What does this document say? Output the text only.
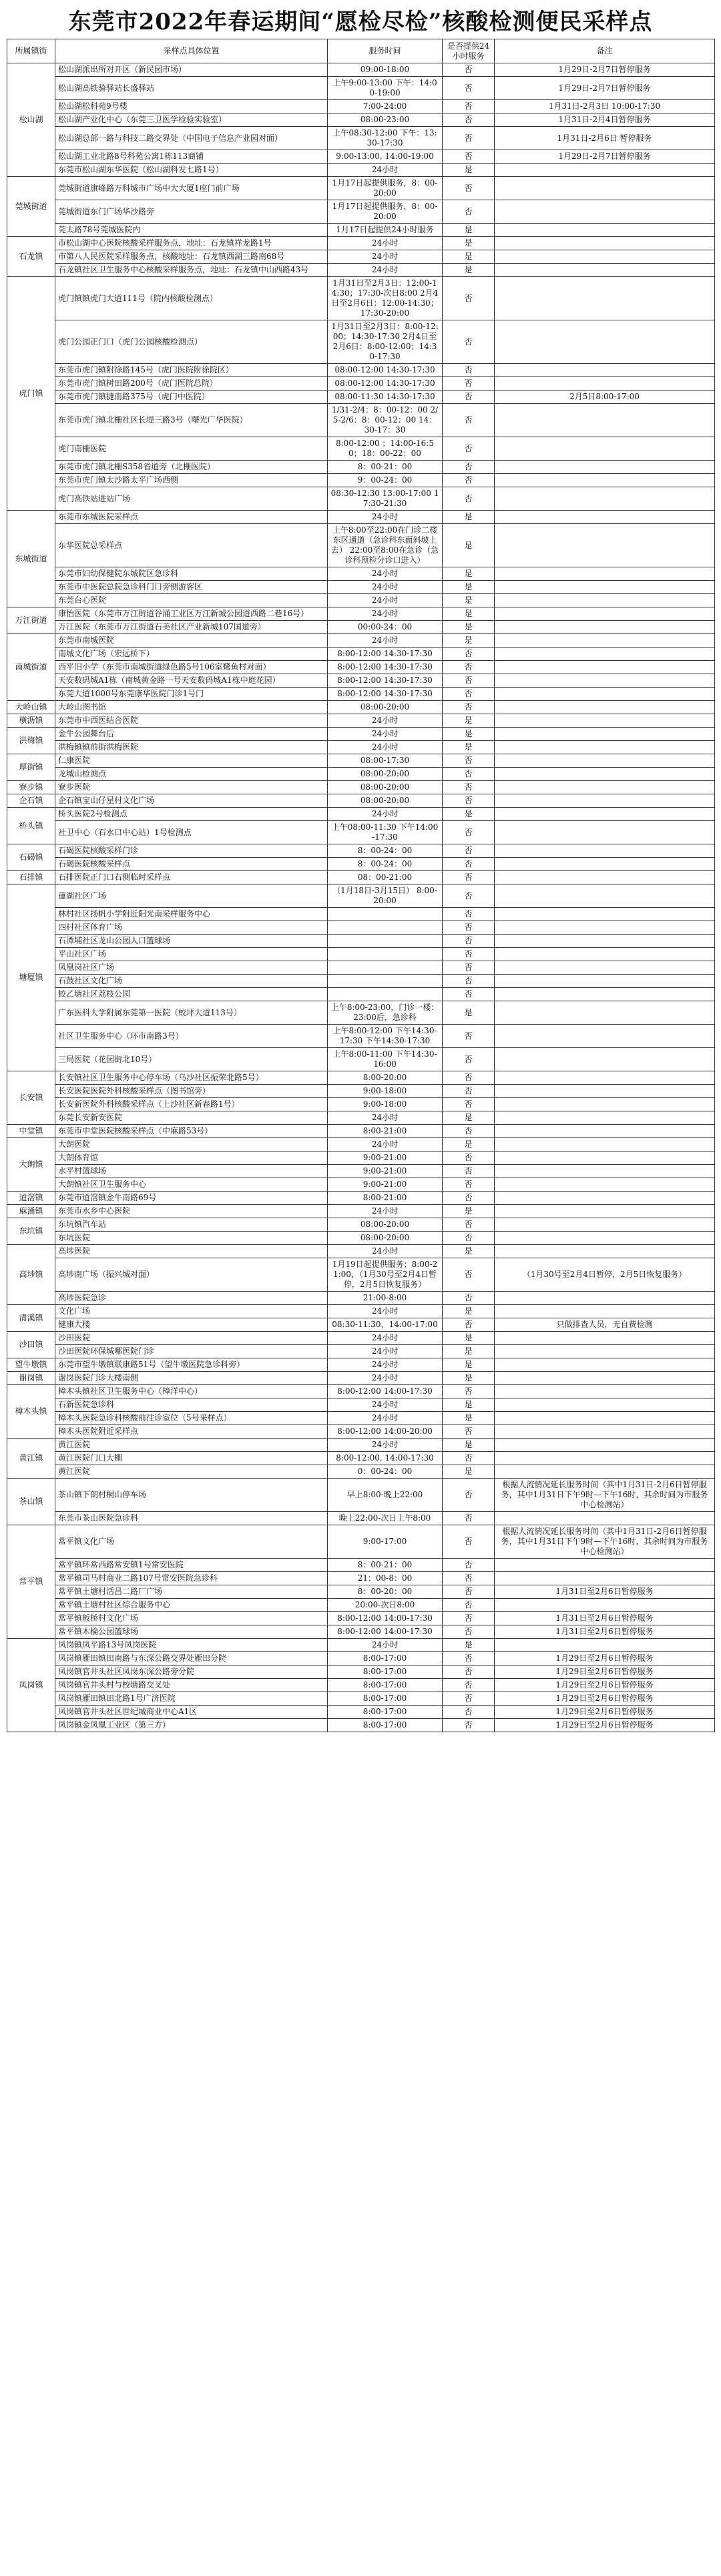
东莞市2022年春运期间“愿检尽检”核酸检测便民采样点
所属镇街	采样点具体位置	服务时间	是否提供24小时服务	备注
松山湖	松山湖派出所对开区（新民园市场）	09:00-18:00	否	1月29日-2月7日暂停服务
	松山湖高铁骑驿站长盛驿站	上午9:00-13:00 下午：14:00-19:00	否	1月29日-2月7日暂停服务
	松山湖松科苑9号楼	7:00-24:00	否	1月31日-2月3日 10:00-17:30
	松山湖产业化中心（东莞三卫医学检验实验室）	08:00-23:00	否	1月31日-2月4日暂停服务
	松山湖总部一路与科技二路交界处（中国电子信息产业园对面）	上午08:30-12:00 下午：13:30-17:30	否	1月31日-2月6日 暂停服务
	松山湖工业北路8号科苑公寓1栋113商铺	9:00-13:00, 14:00-19:00	否	1月29日-2月7日暂停服务
	东莞市松山湖东华医院（松山湖科发七路1号）	24小时	是	
莞城街道	莞城街道旗峰路万科城市广场中大大厦1座门前广场	1月17日起提供服务，8：00-20:00	否	
	莞城街道东门广场华沙路旁	1月17日起提供服务，8：00-20:00	否	
	莞太路78号莞城医院内	1月17日起提供24小时服务	是	
石龙镇	市松山湖中心医院核酸采样服务点，地址：石龙镇祥龙路1号	24小时	是	
	市第八人民医院采样服务点，核酸地址：石龙镇西湖三路南68号	24小时	是	
	石龙镇社区卫生服务中心核酸采样服务点，地址：石龙镇中山西路43号	24小时	是	
虎门镇	虎门镇镇虎门大道111号（院内核酸检测点）	1月31日至2月3日：12:00-14:30；17:30-次日8:00 2月4日至2月6日：12:00-14:30；17:30-20:00	否	
	虎门公园正门口（虎门公园核酸检测点）	1月31日至2月3日：8:00-12:00；14:30-17:30 2月4日至2月6日：8:00-12:00；14:30-17:30	否	
	东莞市虎门镇附徐路145号（虎门医院附徐院区）	08:00-12:00 14:30-17:30	否	
	东莞市虎门镇树田路200号（虎门医院总院）	08:00-12:00 14:30-17:30	否	
	东莞市虎门镇捷南路375号（虎门中医院）	08:00-11:30 14:30-17:30	否	2月5日8:00-17:00
	东莞市虎门镇北栅社区长堤三路3号（曙光广华医院）	1/31-2/4：8：00-12：00 2/5-2/6：8：00-12：00 14：30-17：30	否	
	虎门南栅医院	8:00-12:00 ；14:00-16:50；18：00-22：00	否	
	东莞市虎门镇北栅S358省道旁（北栅医院）	8：00-21：00	否	
	东莞市虎门镇太沙路太平广场西侧	9：00-24：00	否	
	虎门高铁站进站广场	08:30-12:30 13:00-17:00 17:30-21:30	否	
东城街道	东莞市东城医院采样点	24小时	是	
	东华医院总采样点	上午8:00至22:00在门诊二楼东区通道（急诊科东面斜坡上去） 22:00至8:00在急诊（急诊科预检分诊口进入）	是	
	东莞市妇幼保健院东城院区急诊科	24小时	是	
	东莞市中医院总院急诊科门口旁侧游客区	24小时	是	
	东莞台心医院	24小时	是	
万江街道	康怡医院（东莞市万江街道谷涌工业区万江新城公园道西路二巷16号）	24小时	是	
	万江医院（东莞市万江街道石美社区产业新城107国道旁）	00:00-24：00	是	
南城街道	东莞市南城医院	24小时	是	
	南城文化广场（宏远桥下）	8:00-12:00 14:30-17:30	否	
	西平旧小学（东莞市南城街道绿色路5号106室鹭鱼村对面）	8:00-12:00 14:30-17:30	否	
	天安数码城A1栋（南城黄金路一号天安数码城A1栋中庭花园）	8:00-12:00 14:30-17:30	否	
	东莞大道1000号东莞康华医院门诊1号门	8:00-12:00 14:30-17:30	否	
大岭山镇	大岭山图书馆	08:00-20:00	否	
横沥镇	东莞市中西医结合医院	24小时	是	
洪梅镇	金牛公园舞台后	24小时	是	
	洪梅镇镇前街洪梅医院	24小时	是	
厚街镇	仁康医院	08:00-17:30	否	
	龙城山检测点	08:00-20:00	否	
寮步镇	寮步医院	08:00-20:00	否	
企石镇	企石镇宝山仔星村文化广场	08:00-20:00	否	
桥头镇	桥头医院2号检测点	24小时	是	
	社卫中心（石水口中心站）1号检测点	上午08:00-11:30 下午14:00-17:30	否	
石碣镇	石碣医院核酸采样门诊	8：00-24：00	否	
	石碣医院核酸采样点	8：00-24：00	否	
石排镇	石排医院正门口右侧临时采样点	08：00-21:00	否	
塘厦镇	蓮湖社区广场	（1月18日-3月15日） 8:00-20:00	否	
	林村社区扬帆小学附近阳光南采样服务中心		否	
	四村社区体育广场		否	
	石潭埔社区龙山公园人口篮球场		否	
	平山社区广场		否	
	凤凰岗社区广场		否	
	石鼓社区文化广场		否	
	蛟乙塘社区荔枝公园		否	
	广东医科大学附属东莞第一医院（蛟坪大道113号）	上午8:00-23:00，门诊一楼：23:00后，急诊科	是	
	社区卫生服务中心（环市南路3号）	上午8:00-12:00 下午14:30-17:30 下午14:30-17:30	否	
	三局医院（花园街北10号）	上午8:00-11:00 下午14:30-16:00	否	
长安镇	长安镇社区卫生服务中心停车场（乌沙社区振荣北路5号）	8:00-20:00	否	
	长安医院医院外科核酸采样点（图书馆旁）	9:00-18:00	否	
	长安新医院外科核酸采样点（上沙社区新春路1号）	9:00-18:00	否	
	东莞长安新安医院	24小时	是	
中堂镇	东莞市中堂医院核酸采样点（中麻路53号）	8:00-21:00	否	
大朗镇	大朗医院	24小时	是	
	大朗体育馆	9:00-21:00	否	
	水平村篮球场	9:00-21:00	否	
	大朗镇社区卫生服务中心	9:00-21:00	否	
道滘镇	东莞市道滘镇金牛南路69号	8:00-21:00	否	
麻涌镇	东莞市水乡中心医院	24小时	是	
东坑镇	东坑镇汽车站	08:00-20:00	否	
	东坑医院	08:00-20:00	否	
高埗镇	高埗医院	24小时	是	
	高埗南广场（振兴城对面）	1月19日起提供服务；8:00-21:00，（1月30号至2月4日暂停，2月5日恢复服务）	否	（1月30号至2月4日暂停，2月5日恢复服务）
	高埗医院急诊	21:00-8:00	否	
清溪镇	文化广场	24小时	是	
	健康大楼	08:30-11:30，14:00-17:00	否	只做排查人员，无自费检测
沙田镇	沙田医院	24小时	是	
	沙田医院环保城哪医院门诊	24小时	是	
望牛墩镇	东莞市望牛墩镇联康路51号（望牛墩医院急诊科旁）	24小时	是	
谢岗镇	谢岗医院门诊大楼南侧	24小时	是	
樟木头镇	樟木头镇社区卫生服务中心（樟洋中心）	8:00-12:00 14:00-17:30	否	
	石新医院急诊科	24小时	是	
	樟木头医院急诊科核酸前往诊室位（5号采样点）	24小时	是	
	樟木头医院附近采样点	8:00-12:00 14:00-20:00	否	
黄江镇	黄江医院	24小时	是	
	黄江医院门口大棚	8:00-12:00, 14:00-17:30	否	
	黄江医院	0：00-24：00	是	
茶山镇	茶山镇下朗村桐山停车场	早上8:00-晚上22:00	否	根据人流情况延长服务时间（其中1月31日-2月6日暂停服务，其中1月31日下午9时—下午16时，其余时间为市服务中心检测站）
	东莞市茶山医院急诊科	晚上22:00-次日上午8:00	否	
常平镇	常平镇文化广场	9:00-17:00	否	根据人流情况延长服务时间（其中1月31日-2月6日暂停服务，其中1月31日下午9时—下午16时，其余时间为市服务中心检测站）
	常平镇环常西路常安镇1号常安医院	8：00-21：00	否	
	常平镇司马村商业二路107号常安医院急诊科	21：00-8：00	否	
	常平镇土塘村活昌二路厂广场	8：00-20：00	否	1月31日至2月6日暂停服务
	常平镇土塘村社区综合服务中心	20:00-次日8:00	否	
	常平镇板桥村文化广场	8:00-12:00 14:00-17:30	否	1月31日至2月6日暂停服务
	常平镇木棆公园篮球场	8:00-12:00 14:00-17:30	否	1月31日至2月6日暂停服务
凤岗镇	凤岗镇凤平路13号凤岗医院	24小时	是	
	凤岗镇雁田镇田南路与东深公路交界处雁田分院	8:00-17:00	否	1月29日至2月6日暂停服务
	凤岗镇官井头社区凤岗东深公路旁分院	8:00-17:00	否	1月29日至2月6日暂停服务
	凤岗镇官井头村与校塘路交叉处	8:00-17:00	否	1月29日至2月6日暂停服务
	凤岗镇雁田镇田北路1号广济医院	8:00-17:00	否	1月29日至2月6日暂停服务
	凤岗镇官井头社区世纪城商业中心A1区	8:00-17:00	否	1月29日至2月6日暂停服务
	凤岗镇金凤凰工业区（第三方）	8:00-17:00	否	1月29日至2月6日暂停服务
